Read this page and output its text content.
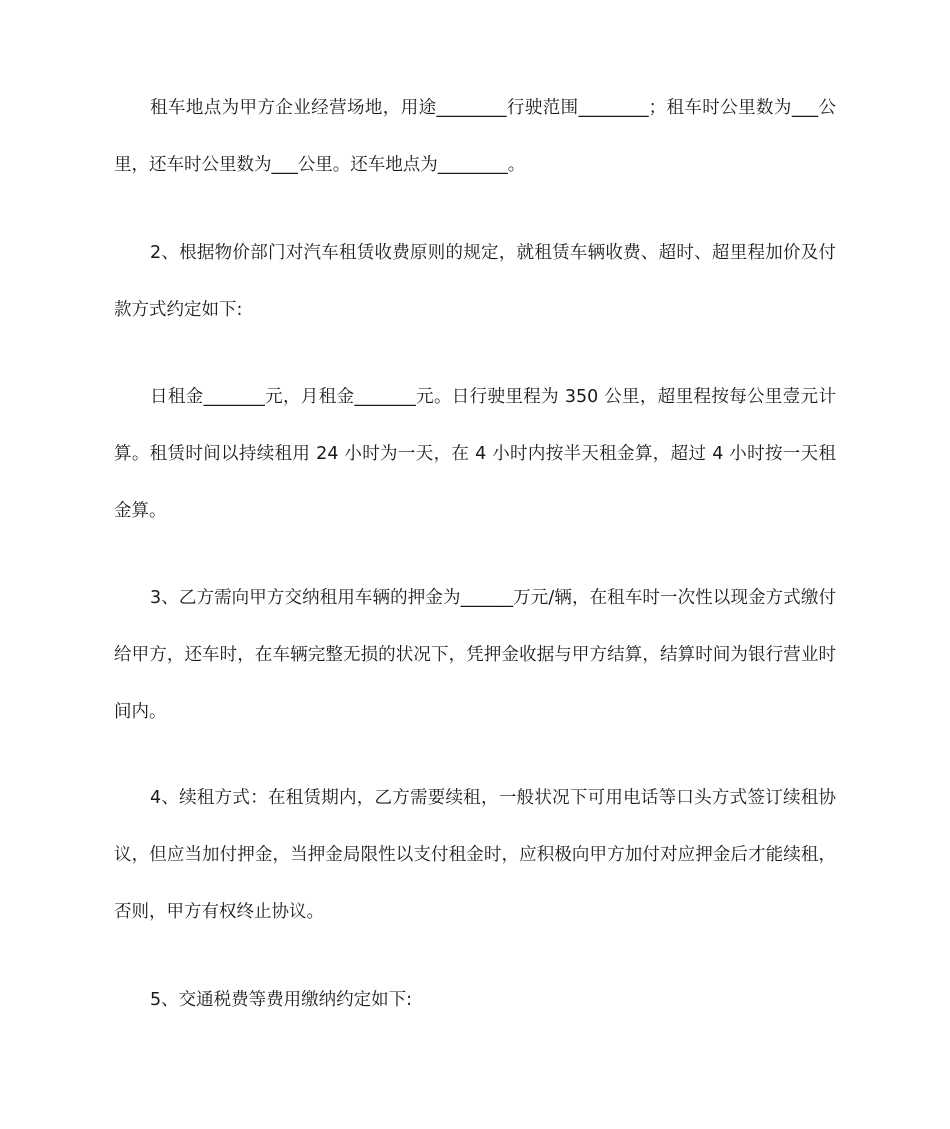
租车地点为甲方企业经营场地，用途________行驶范围________；租车时公里数为___公里，还车时公里数为___公里。还车地点为________。

2、根据物价部门对汽车租赁收费原则的规定，就租赁车辆收费、超时、超里程加价及付款方式约定如下:

日租金_______元，月租金_______元。日行驶里程为 350 公里，超里程按每公里壹元计算。租赁时间以持续租用 24 小时为一天，在 4 小时内按半天租金算，超过 4 小时按一天租金算。

3、乙方需向甲方交纳租用车辆的押金为______万元/辆，在租车时一次性以现金方式缴付给甲方，还车时，在车辆完整无损的状况下，凭押金收据与甲方结算，结算时间为银行营业时间内。

4、续租方式：在租赁期内，乙方需要续租，一般状况下可用电话等口头方式签订续租协议，但应当加付押金，当押金局限性以支付租金时，应积极向甲方加付对应押金后才能续租，否则，甲方有权终止协议。

5、交通税费等费用缴纳约定如下:
